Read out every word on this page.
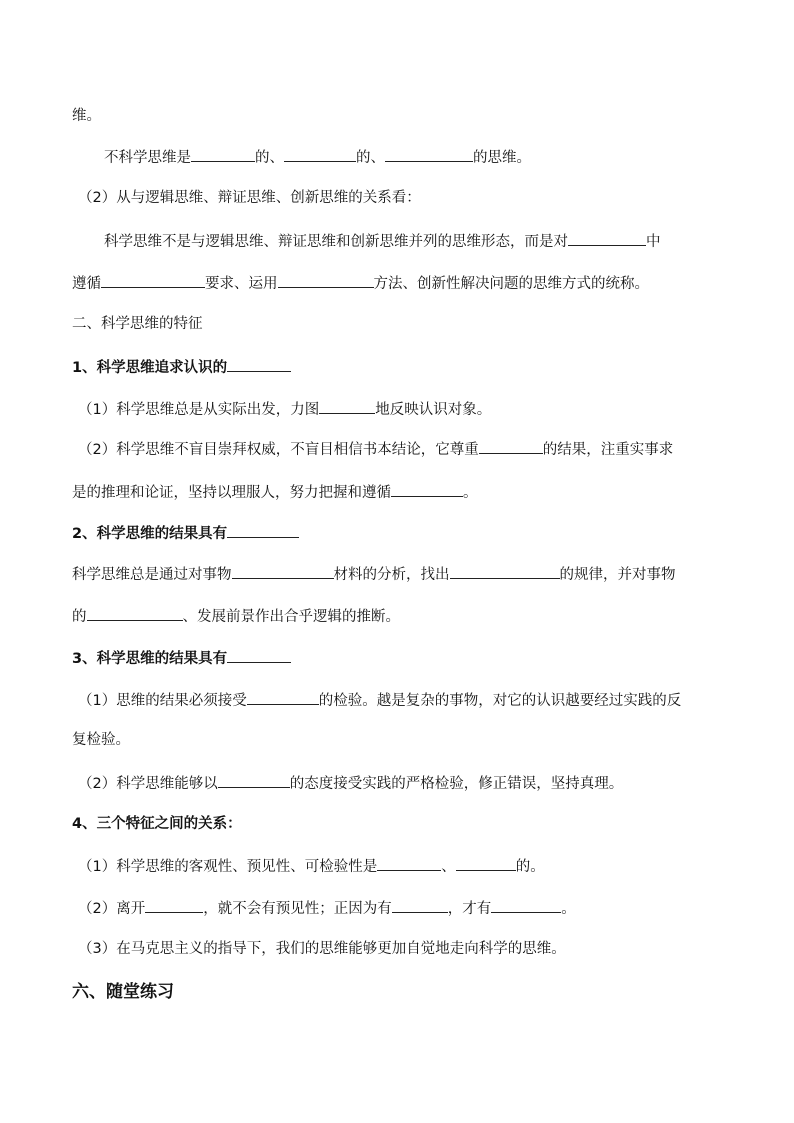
维。
不科学思维是	的、	的、	的思维。
（2）从与逻辑思维、辩证思维、创新思维的关系看：
科学思维不是与逻辑思维、辩证思维和创新思维并列的思维形态，而是对	中
遵循	要求、运用	方法、创新性解决问题的思维方式的统称。
二、科学思维的特征
1、科学思维追求认识的
（1）科学思维总是从实际出发，力图	地反映认识对象。
（2）科学思维不盲目崇拜权威，不盲目相信书本结论，它尊重	的结果，注重实事求
是的推理和论证，坚持以理服人，努力把握和遵循	。
2、科学思维的结果具有
科学思维总是通过对事物	材料的分析，找出	的规律，并对事物
的	、发展前景作出合乎逻辑的推断。
3、科学思维的结果具有
（1）思维的结果必须接受	的检验。越是复杂的事物，对它的认识越要经过实践的反
复检验。
（2）科学思维能够以	的态度接受实践的严格检验，修正错误，坚持真理。
4、三个特征之间的关系：
（1）科学思维的客观性、预见性、可检验性是	、	的。
（2）离开	，就不会有预见性；正因为有	，才有	。
（3）在马克思主义的指导下，我们的思维能够更加自觉地走向科学的思维。
六、随堂练习
